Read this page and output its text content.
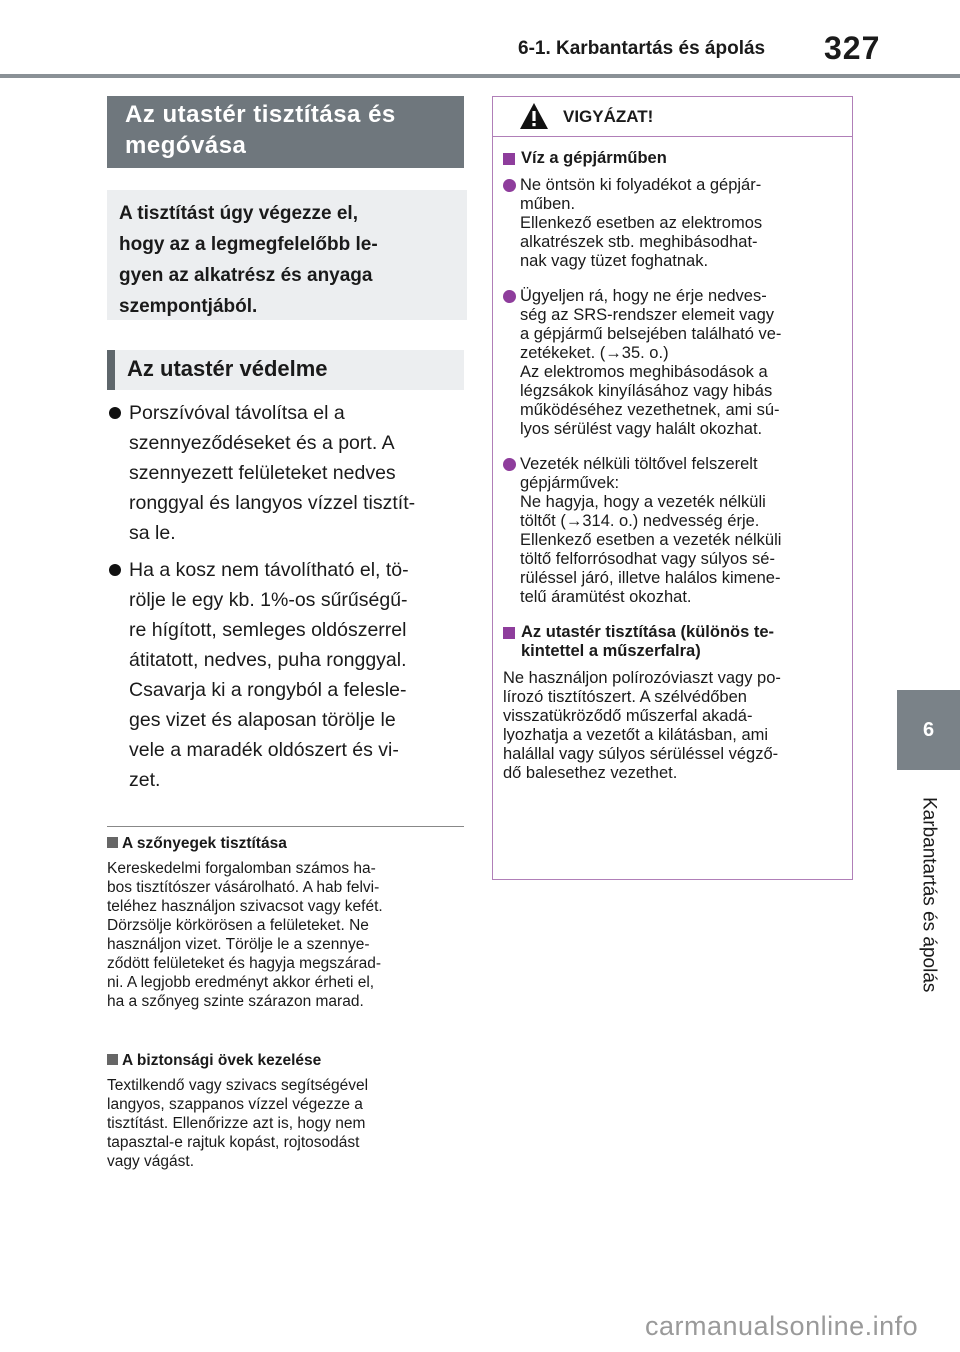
6-1. Karbantartás és ápolás 327
6
Karbantartás és ápolás
Az utastér tisztítása és
megóvása
A tisztítást úgy végezze el,
hogy az a legmegfelelőbb le-
gyen az alkatrész és anyaga
szempontjából.
Az utastér védelme
Porszívóval távolítsa el a
szennyeződéseket és a port. A
szennyezett felületeket nedves
ronggyal és langyos vízzel tisztít-
sa le.
Ha a kosz nem távolítható el, tö-
rölje le egy kb. 1%-os sűrűségű-
re hígított, semleges oldószerrel
átitatott, nedves, puha ronggyal.
Csavarja ki a rongyból a felesle-
ges vizet és alaposan törölje le
vele a maradék oldószert és vi-
zet.
A szőnyegek tisztítása
Kereskedelmi forgalomban számos ha-
bos tisztítószer vásárolható. A hab felvi-
teléhez használjon szivacsot vagy kefét.
Dörzsölje körkörösen a felületeket. Ne
használjon vizet. Törölje le a szennye-
ződött felületeket és hagyja megszárad-
ni. A legjobb eredményt akkor érheti el,
ha a szőnyeg szinte szárazon marad.
A biztonsági övek kezelése
Textilkendő vagy szivacs segítségével
langyos, szappanos vízzel végezze a
tisztítást. Ellenőrizze azt is, hogy nem
tapasztal-e rajtuk kopást, rojtosodást
vagy vágást.
VIGYÁZAT!
Víz a gépjárműben
Ne öntsön ki folyadékot a gépjár-
műben.
Ellenkező esetben az elektromos
alkatrészek stb. meghibásodhat-
nak vagy tüzet foghatnak.
Ügyeljen rá, hogy ne érje nedves-
ség az SRS-rendszer elemeit vagy
a gépjármű belsejében található ve-
zetékeket. (→35. o.)
Az elektromos meghibásodások a
légzsákok kinyílásához vagy hibás
működéséhez vezethetnek, ami sú-
lyos sérülést vagy halált okozhat.
Vezeték nélküli töltővel felszerelt
gépjárművek:
Ne hagyja, hogy a vezeték nélküli
töltőt (→314. o.) nedvesség érje.
Ellenkező esetben a vezeték nélküli
töltő felforrósodhat vagy súlyos sé-
rüléssel járó, illetve halálos kimene-
telű áramütést okozhat.
Az utastér tisztítása (különös te-
kintettel a műszerfalra)
Ne használjon polírozóviaszt vagy po-
lírozó tisztítószert. A szélvédőben
visszatükröződő műszerfal akadá-
lyozhatja a vezetőt a kilátásban, ami
halállal vagy súlyos sérüléssel végző-
dő balesethez vezethet.
carmanualsonline.info
